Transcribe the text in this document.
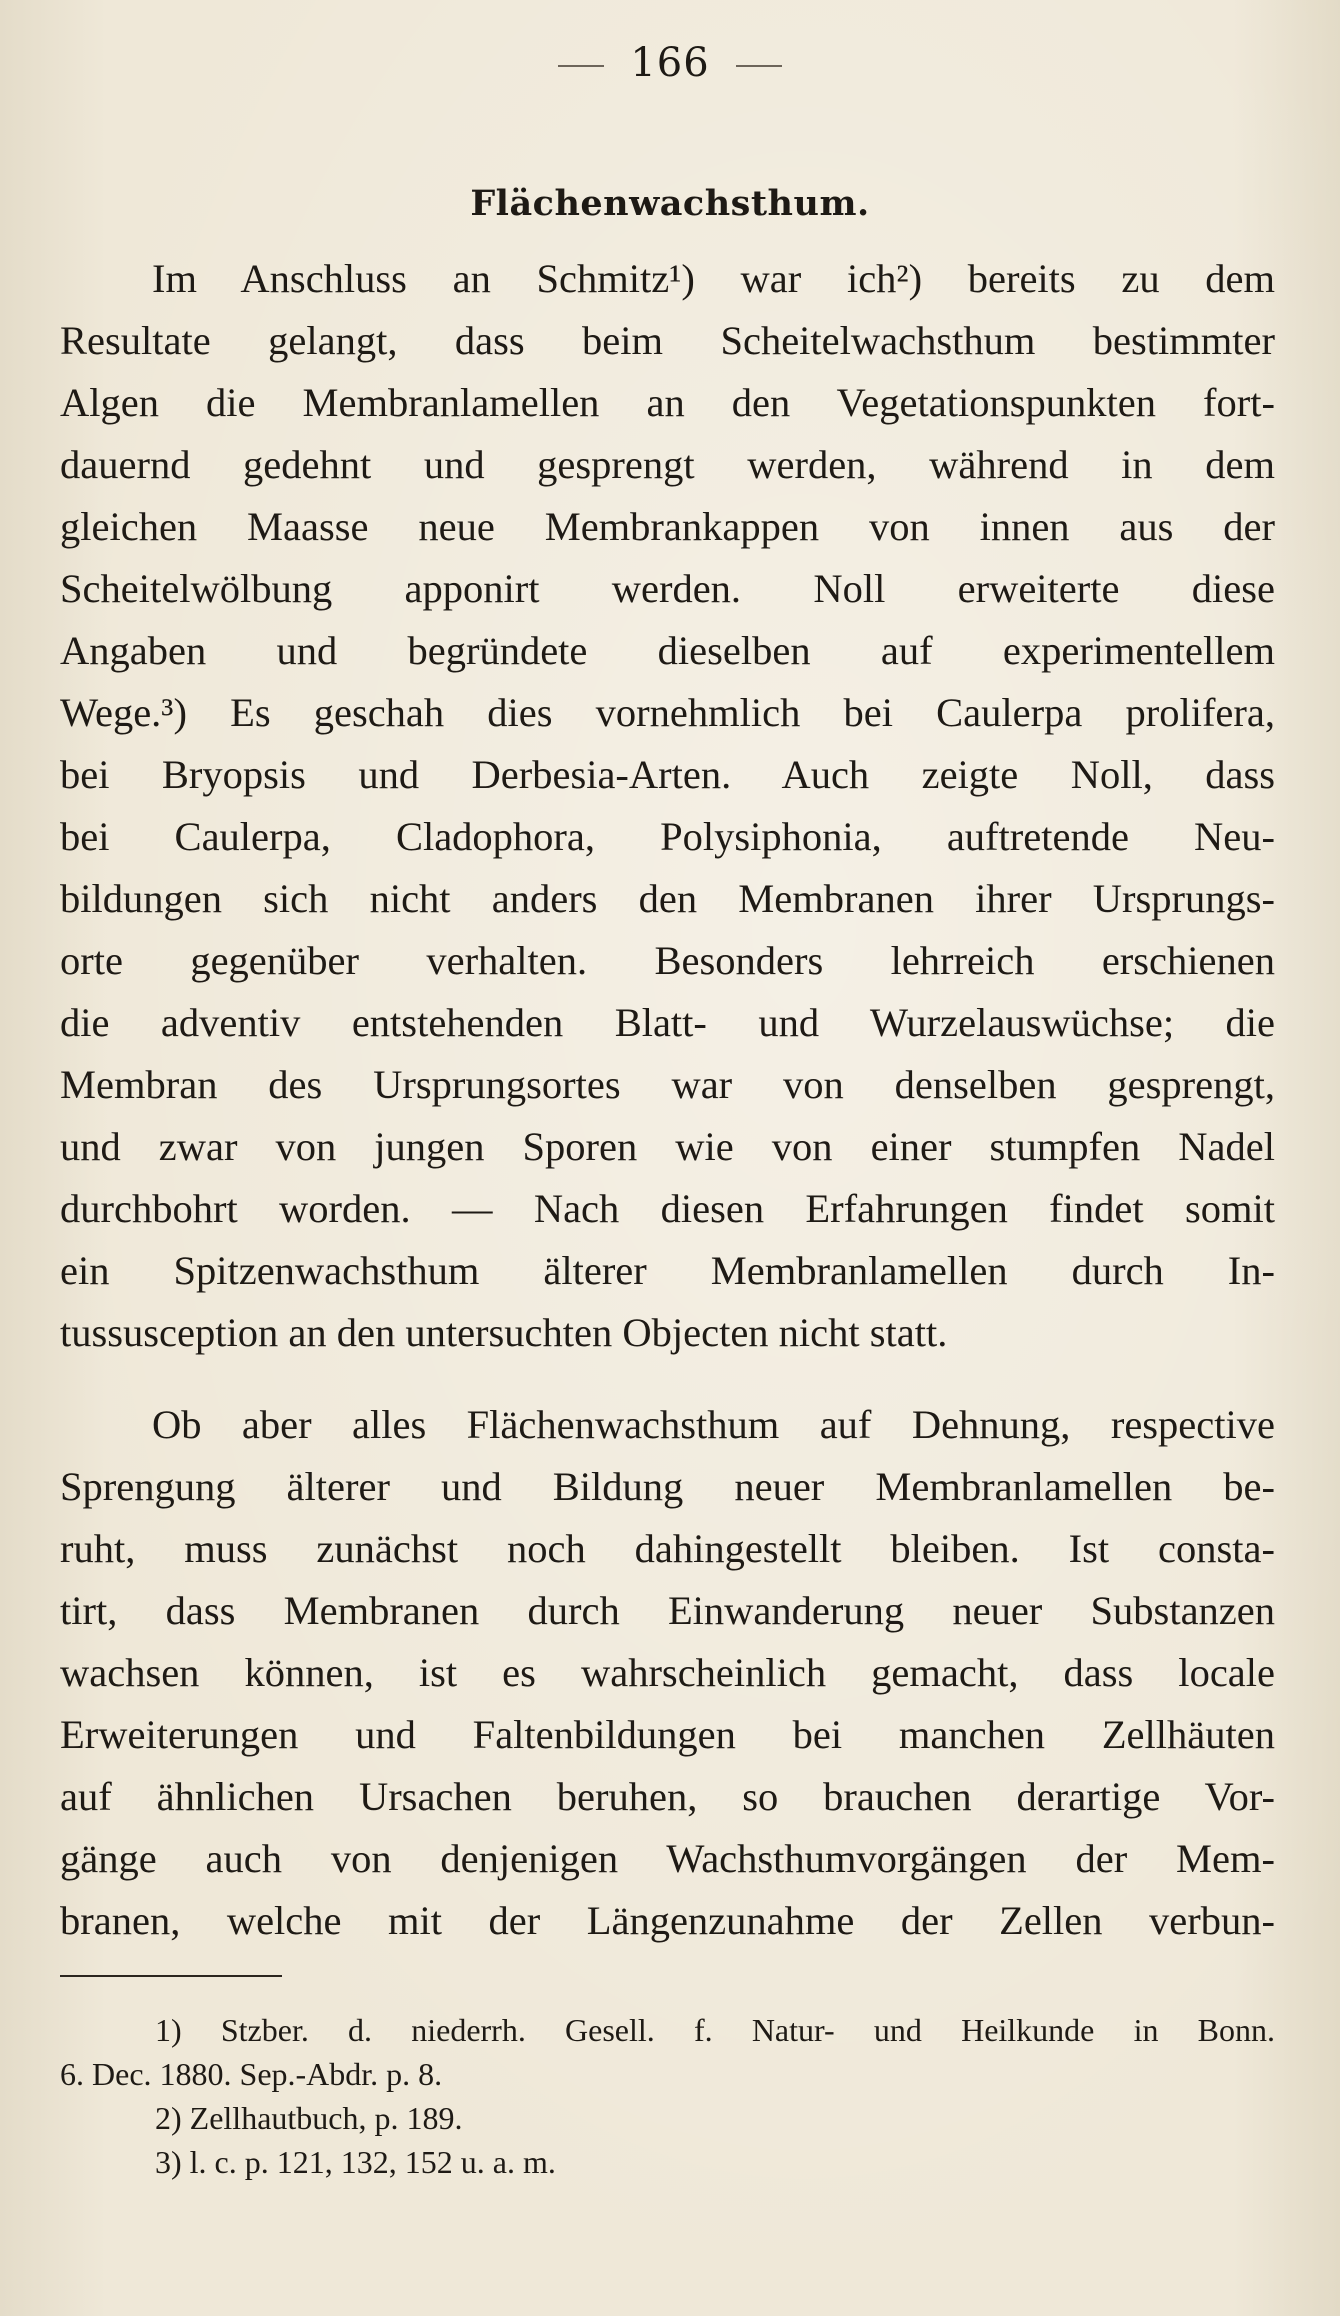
166
Flächenwachsthum.
Im Anschluss an Schmitz¹) war ich²) bereits zu dem
Resultate gelangt, dass beim Scheitelwachsthum bestimmter
Algen die Membranlamellen an den Vegetationspunkten fort-
dauernd gedehnt und gesprengt werden, während in dem
gleichen Maasse neue Membrankappen von innen aus der
Scheitelwölbung apponirt werden. Noll erweiterte diese
Angaben und begründete dieselben auf experimentellem
Wege.³) Es geschah dies vornehmlich bei Caulerpa prolifera,
bei Bryopsis und Derbesia-Arten. Auch zeigte Noll, dass
bei Caulerpa, Cladophora, Polysiphonia, auftretende Neu-
bildungen sich nicht anders den Membranen ihrer Ursprungs-
orte gegenüber verhalten. Besonders lehrreich erschienen
die adventiv entstehenden Blatt- und Wurzelauswüchse; die
Membran des Ursprungsortes war von denselben gesprengt,
und zwar von jungen Sporen wie von einer stumpfen Nadel
durchbohrt worden. — Nach diesen Erfahrungen findet somit
ein Spitzenwachsthum älterer Membranlamellen durch In-
tussusception an den untersuchten Objecten nicht statt.
Ob aber alles Flächenwachsthum auf Dehnung, respective
Sprengung älterer und Bildung neuer Membranlamellen be-
ruht, muss zunächst noch dahingestellt bleiben. Ist consta-
tirt, dass Membranen durch Einwanderung neuer Substanzen
wachsen können, ist es wahrscheinlich gemacht, dass locale
Erweiterungen und Faltenbildungen bei manchen Zellhäuten
auf ähnlichen Ursachen beruhen, so brauchen derartige Vor-
gänge auch von denjenigen Wachsthumvorgängen der Mem-
branen, welche mit der Längenzunahme der Zellen verbun-
1) Stzber. d. niederrh. Gesell. f. Natur- und Heilkunde in Bonn.
6. Dec. 1880. Sep.-Abdr. p. 8.
2) Zellhautbuch, p. 189.
3) l. c. p. 121, 132, 152 u. a. m.
